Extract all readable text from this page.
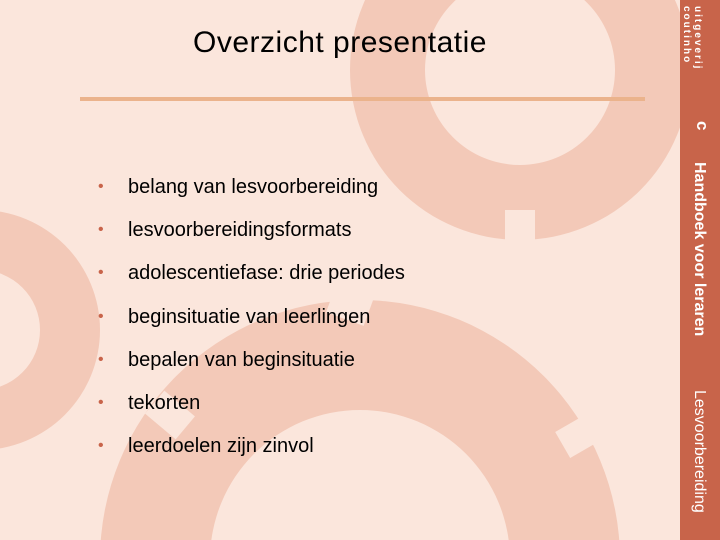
Overzicht presentatie
•	belang van lesvoorbereiding
•	lesvoorbereidingsformats
•	adolescentiefase: drie periodes
•	beginsituatie van leerlingen
•	bepalen van beginsituatie
•	tekorten
•	leerdoelen zijn zinvol
uitgeverij
coutinho
c
Handboek voor leraren
Lesvoorbereiding
